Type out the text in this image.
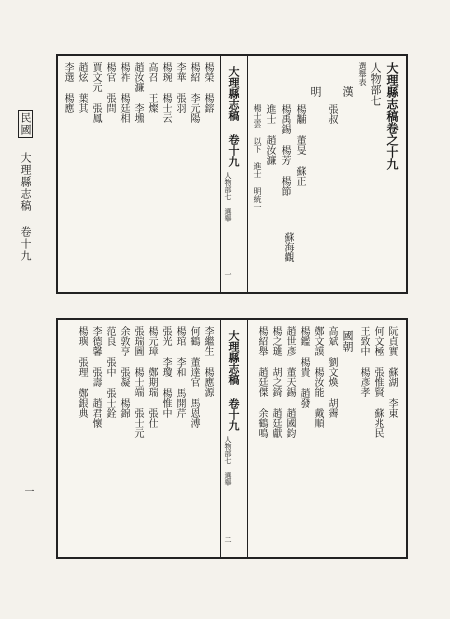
民國 大理縣志稿 卷十九
一
大理縣志稿卷之十九
人物部七
選舉表
漢
張叔
明
楊黼 董旻 蘇正
楊禹錫 楊芳 楊節
進士 趙汝濂
楊士雲 以下 進士 明統一
蘇海觀
大理縣志稿 卷十九
人物部七 選舉
一
楊榮 楊鎔
楊紹 李元陽
李華 張羽
楊琬 楊士云
高召 王燦
趙汝濂 李壎
楊祚 楊廷相
楊官 張問
賈文元 張鳳
趙炫 葉其
李選 楊應
阮貞實 蘇湖 李東
何文極 張惟賢 蘇兆民
王致中 楊彥孝
國朝
高斌 劉文煥 胡霽
鄭文謨 楊汝能 戴順
楊鑑 楊貴 趙發
趙世彥 董天錫 趙國鈞
楊之璡 胡之錡 趙廷獻
楊紹舉 趙廷傑 余鶴鳴
大理縣志稿 卷十九
人物部七 選舉
二
李繼生 楊應源
何鶴 董達官 馬恩溥
楊琯 李和 馬開芹
張光 李瓊 楊惟中
楊元璋 鄭期瑞 張仕
張瑞圖 楊士端 張士元
余敦亨 張凝 楊錦
范良 張中 張士銓
李德馨 張壽 趙君懷
楊璵 張理 鄭銀典
